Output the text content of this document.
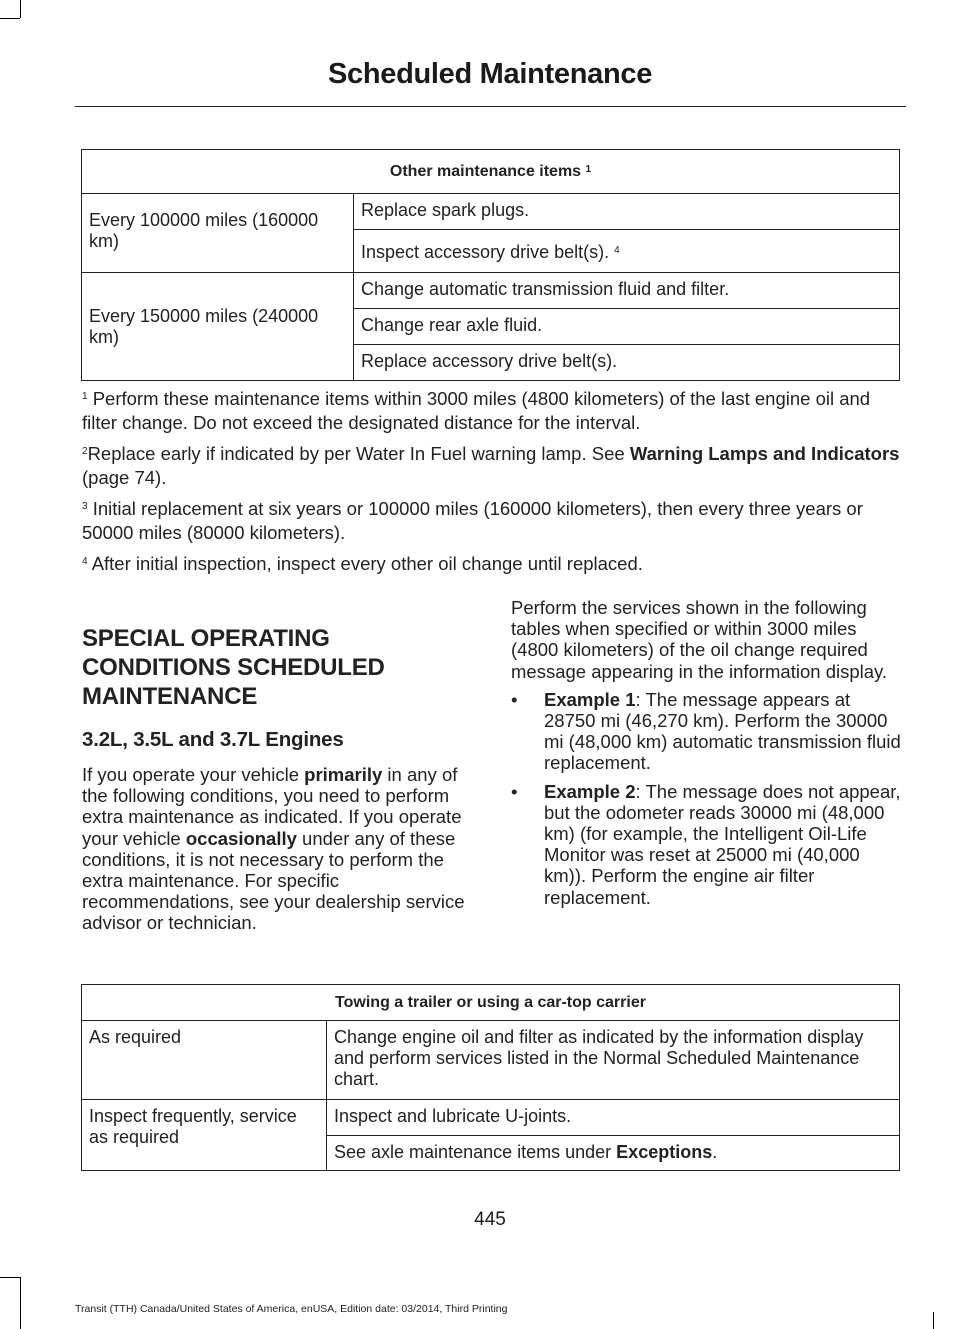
Scheduled Maintenance
Other maintenance items $^1$
Every 100000 miles (160000 km)	Replace spark plugs.
	Inspect accessory drive belt(s). $^4$
Every 150000 miles (240000 km)	Change automatic transmission fluid and filter.
	Change rear axle fluid.
	Replace accessory drive belt(s).

$^1$ Perform these maintenance items within 3000 miles (4800 kilometers) of the last engine oil and filter change. Do not exceed the designated distance for the interval.

$^2$Replace early if indicated by per Water In Fuel warning lamp. See Warning Lamps and Indicators (page 74).

$^3$ Initial replacement at six years or 100000 miles (160000 kilometers), then every three years or 50000 miles (80000 kilometers).

$^4$ After initial inspection, inspect every other oil change until replaced.

SPECIAL OPERATING CONDITIONS SCHEDULED MAINTENANCE
3.2L, 3.5L and 3.7L Engines

If you operate your vehicle primarily in any of the following conditions, you need to perform extra maintenance as indicated. If you operate your vehicle occasionally under any of these conditions, it is not necessary to perform the extra maintenance. For specific recommendations, see your dealership service advisor or technician.

Perform the services shown in the following tables when specified or within 3000 miles (4800 kilometers) of the oil change required message appearing in the information display.

• Example 1: The message appears at 28750 mi (46,270 km). Perform the 30000 mi (48,000 km) automatic transmission fluid replacement.
• Example 2: The message does not appear, but the odometer reads 30000 mi (48,000 km) (for example, the Intelligent Oil-Life Monitor was reset at 25000 mi (40,000 km)). Perform the engine air filter replacement.
Towing a trailer or using a car-top carrier	
As required	Change engine oil and filter as indicated by the information display and perform services listed in the Normal Scheduled Maintenance chart.
Inspect frequently, service as required	Inspect and lubricate U-joints.
	See axle maintenance items under Exceptions.
445
Transit (TTH) Canada/United States of America, enUSA, Edition date: 03/2014, Third Printing
